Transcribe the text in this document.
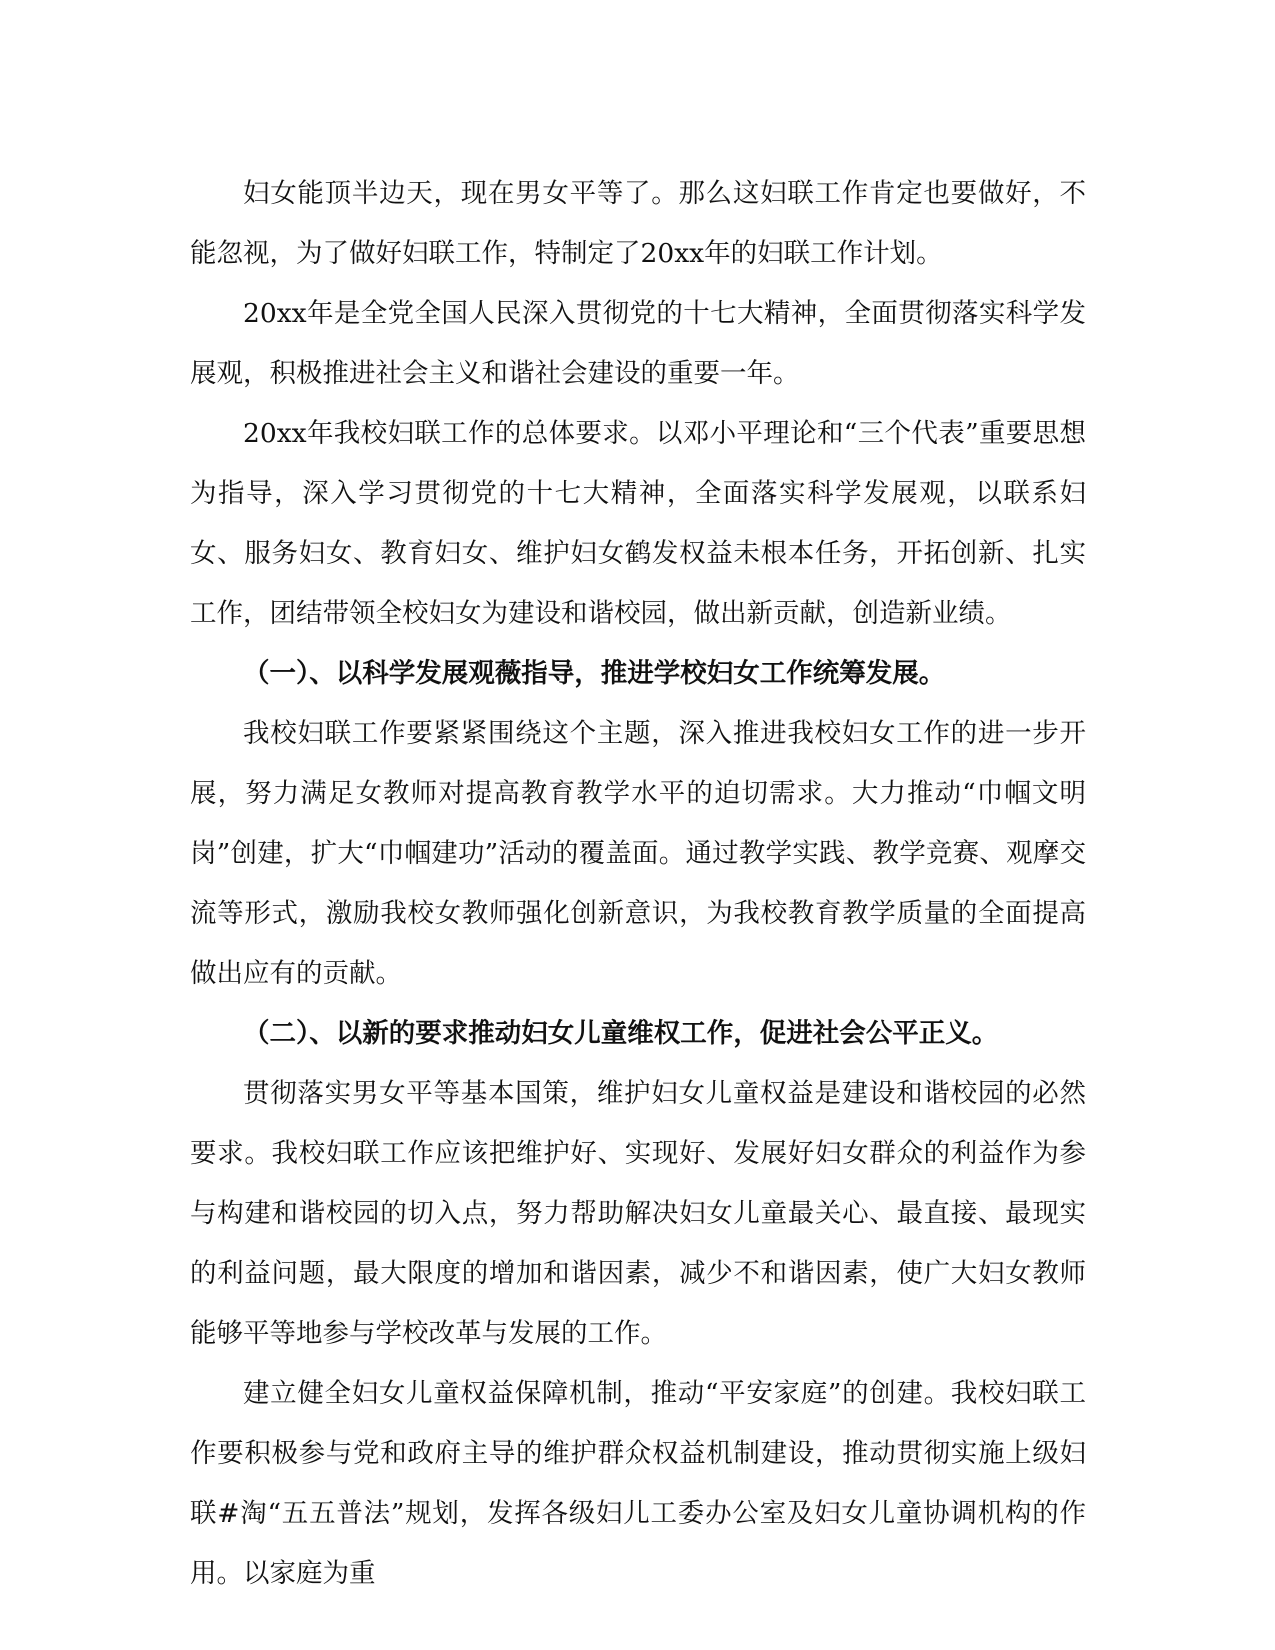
妇女能顶半边天，现在男女平等了。那么这妇联工作肯定也要做好，不能忽视，为了做好妇联工作，特制定了20xx年的妇联工作计划。

20xx年是全党全国人民深入贯彻党的十七大精神，全面贯彻落实科学发展观，积极推进社会主义和谐社会建设的重要一年。

20xx年我校妇联工作的总体要求。以邓小平理论和“三个代表”重要思想为指导，深入学习贯彻党的十七大精神，全面落实科学发展观，以联系妇女、服务妇女、教育妇女、维护妇女鹤发权益未根本任务，开拓创新、扎实工作，团结带领全校妇女为建设和谐校园，做出新贡献，创造新业绩。

（一）、以科学发展观薇指导，推进学校妇女工作统筹发展。

我校妇联工作要紧紧围绕这个主题，深入推进我校妇女工作的进一步开展，努力满足女教师对提高教育教学水平的迫切需求。大力推动“巾帼文明岗”创建，扩大“巾帼建功”活动的覆盖面。通过教学实践、教学竞赛、观摩交流等形式，激励我校女教师强化创新意识，为我校教育教学质量的全面提高做出应有的贡献。

（二）、以新的要求推动妇女儿童维权工作，促进社会公平正义。

贯彻落实男女平等基本国策，维护妇女儿童权益是建设和谐校园的必然要求。我校妇联工作应该把维护好、实现好、发展好妇女群众的利益作为参与构建和谐校园的切入点，努力帮助解决妇女儿童最关心、最直接、最现实的利益问题，最大限度的增加和谐因素，减少不和谐因素，使广大妇女教师能够平等地参与学校改革与发展的工作。

建立健全妇女儿童权益保障机制，推动“平安家庭”的创建。我校妇联工作要积极参与党和政府主导的维护群众权益机制建设，推动贯彻实施上级妇联#淘“五五普法”规划，发挥各级妇儿工委办公室及妇女儿童协调机构的作用。以家庭为重
